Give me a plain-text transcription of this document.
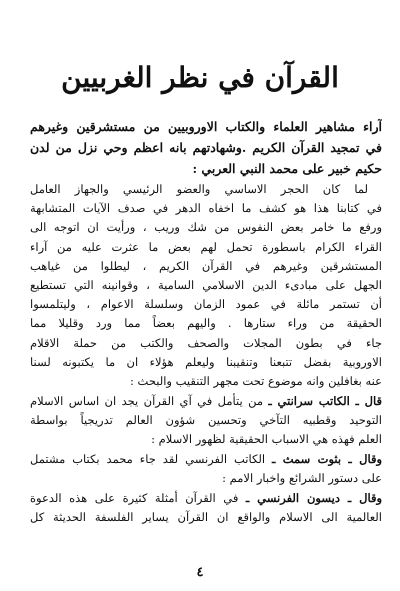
القرآن في نظر الغربيين
آراء مشاهير العلماء والكتاب الاوروبيين من مستشرقين وغيرهم
في تمجيد القرآن الكريم .وشهادتهم بانه اعظم وحي نزل من لدن
حكيم خبير على محمد النبي العربي :
لما كان الحجر الاساسي والعضو الرئيسي والجهاز العامل
في كتابنا هذا هو كشف ما اخفاه الدهر في صدف الآيات المتشابهة
ورفع ما خامر بعض النفوس من شك وريب ، ورأيت ان اتوجه الى
القراء الكرام باسطورة تحمل لهم بعض ما عثرت عليه من آراء
المستشرقين وغيرهم في القرآن الكريم ، ليطلوا من غياهب
الجهل على مبادىء الدين الاسلامي السامية ، وقوانينه التي تستطيع
أن تستمر مائلة في عمود الزمان وسلسلة الاعوام ، وليتلمسوا
الحقيقة من وراء ستارها . واليهم بعضاً مما ورد وقليلا مما
جاء في بطون المجلات والصحف والكتب من حملة الاقلام
الاوروبية بفضل تتبعنا وتنقيبنا وليعلم هؤلاء ان ما يكتبونه لسنا
عنه بغافلين وانه موضوع تحت مجهر التنقيب والبحث :
قال ـ الكاتب سرانتي ـ من يتأمل في آي القرآن يجد ان اساس الاسلام
التوحيد وقطبيه التآخي وتحسين شؤون العالم تدريجياً بواسطة
العلم فهذه هي الاسباب الحقيقية لظهور الاسلام :
وقال ـ بثوت سمث ـ الكاتب الفرنسي لقد جاء محمد بكتاب مشتمل
على دستور الشرائع واخبار الامم :
وقال ـ ديسون الفرنسي ـ في القرآن أمثلة كثيرة على هذه الدعوة
العالمية الى الاسلام والواقع ان القرآن يساير الفلسفة الحديثة كل
٤
